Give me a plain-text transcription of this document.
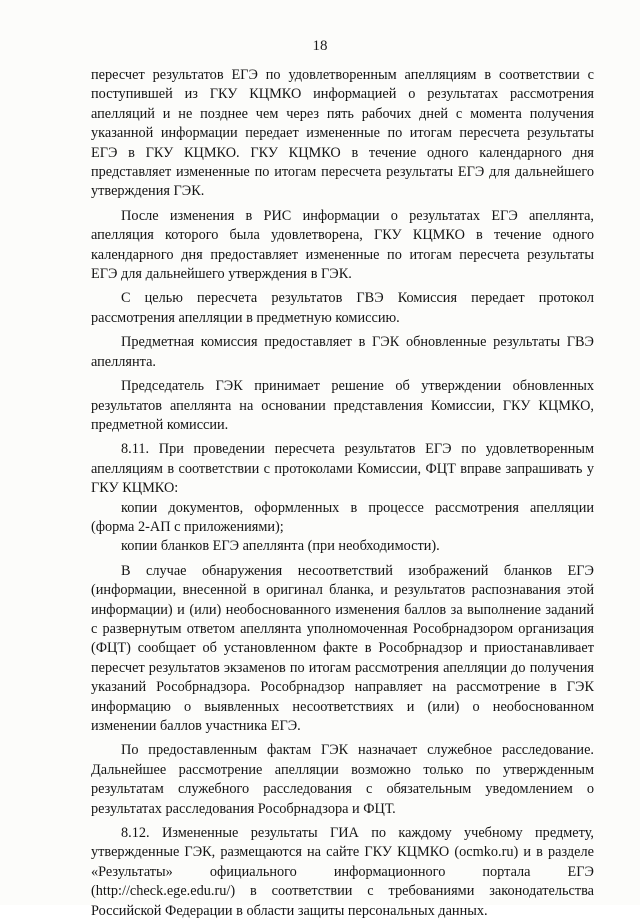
18

пересчет результатов ЕГЭ по удовлетворенным апелляциям в соответствии с поступившей из ГКУ КЦМКО информацией о результатах рассмотрения апелляций и не позднее чем через пять рабочих дней с момента получения указанной информации передает измененные по итогам пересчета результаты ЕГЭ в ГКУ КЦМКО. ГКУ КЦМКО в течение одного календарного дня представляет измененные по итогам пересчета результаты ЕГЭ для дальнейшего утверждения ГЭК.

После изменения в РИС информации о результатах ЕГЭ апеллянта, апелляция которого была удовлетворена, ГКУ КЦМКО в течение одного календарного дня предоставляет измененные по итогам пересчета результаты ЕГЭ для дальнейшего утверждения в ГЭК.

С целью пересчета результатов ГВЭ Комиссия передает протокол рассмотрения апелляции в предметную комиссию.

Предметная комиссия предоставляет в ГЭК обновленные результаты ГВЭ апеллянта.

Председатель ГЭК принимает решение об утверждении обновленных результатов апеллянта на основании представления Комиссии, ГКУ КЦМКО, предметной комиссии.

8.11. При проведении пересчета результатов ЕГЭ по удовлетворенным апелляциям в соответствии с протоколами Комиссии, ФЦТ вправе запрашивать у ГКУ КЦМКО:

копии документов, оформленных в процессе рассмотрения апелляции (форма 2-АП с приложениями);

копии бланков ЕГЭ апеллянта (при необходимости).

В случае обнаружения несоответствий изображений бланков ЕГЭ (информации, внесенной в оригинал бланка, и результатов распознавания этой информации) и (или) необоснованного изменения баллов за выполнение заданий с развернутым ответом апеллянта уполномоченная Рособрнадзором организация (ФЦТ) сообщает об установленном факте в Рособрнадзор и приостанавливает пересчет результатов экзаменов по итогам рассмотрения апелляции до получения указаний Рособрнадзора. Рособрнадзор направляет на рассмотрение в ГЭК информацию о выявленных несоответствиях и (или) о необоснованном изменении баллов участника ЕГЭ.

По предоставленным фактам ГЭК назначает служебное расследование. Дальнейшее рассмотрение апелляции возможно только по утвержденным результатам служебного расследования с обязательным уведомлением о результатах расследования Рособрнадзора и ФЦТ.

8.12. Измененные результаты ГИА по каждому учебному предмету, утвержденные ГЭК, размещаются на сайте ГКУ КЦМКО (ocmko.ru) и в разделе «Результаты» официального информационного портала ЕГЭ (http://check.ege.edu.ru/) в соответствии с требованиями законодательства Российской Федерации в области защиты персональных данных.
